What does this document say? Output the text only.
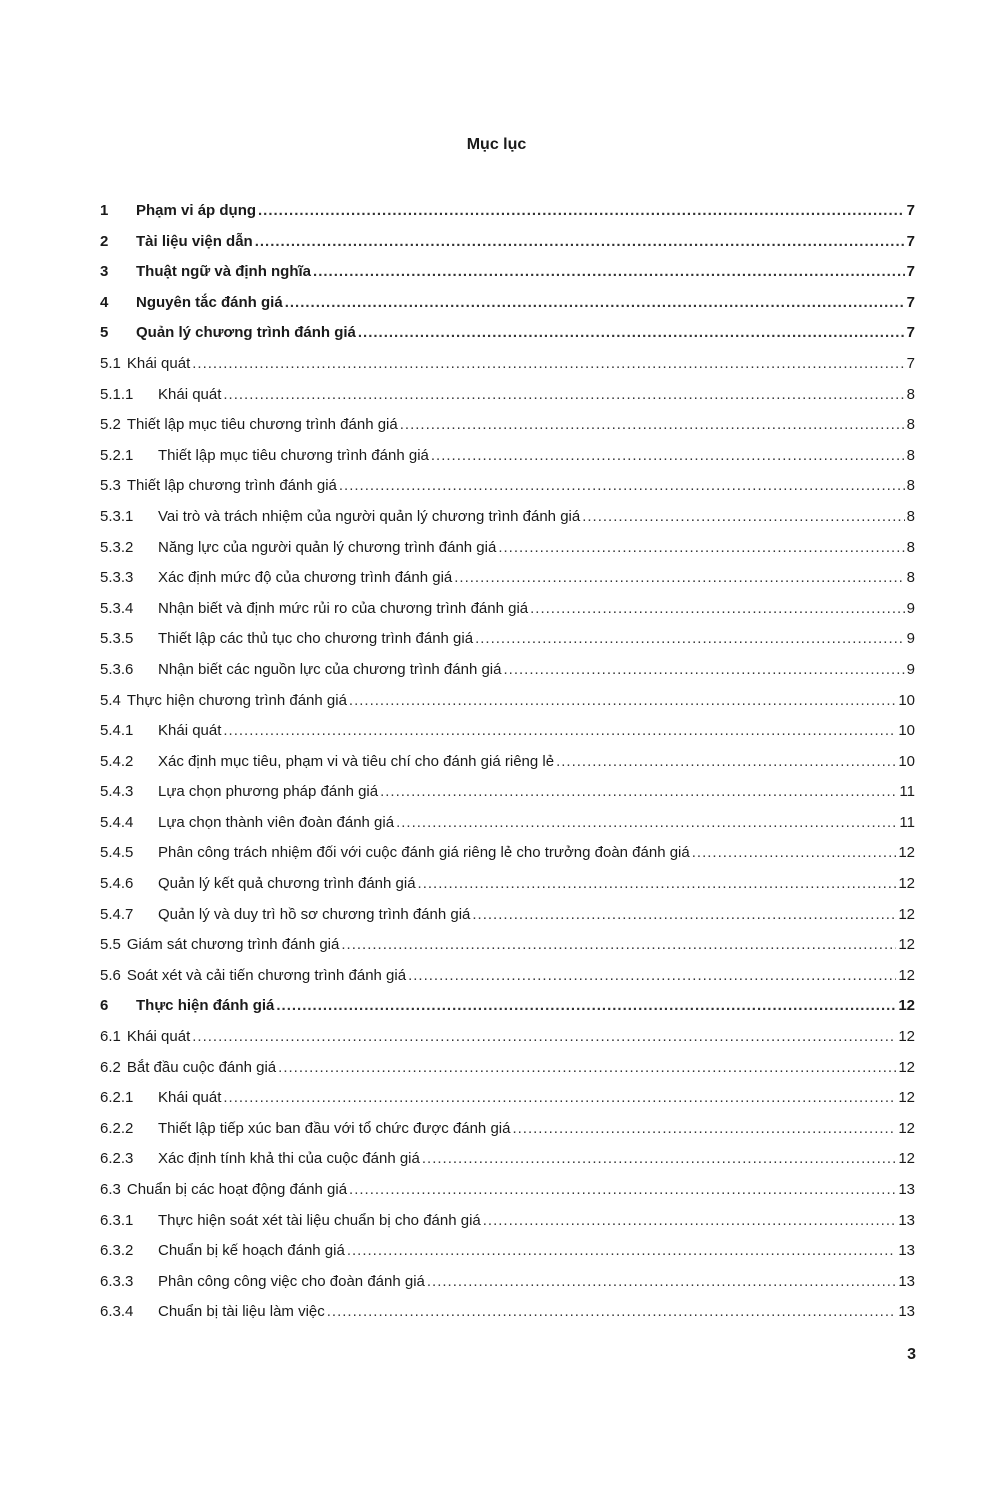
Mục lục
1	Phạm vi áp dụng .....	7
2	Tài liệu viện dẫn .....	7
3	Thuật ngữ và định nghĩa .....	7
4	Nguyên tắc đánh giá .....	7
5	Quản lý chương trình đánh giá .....	7
5.1 Khái quát .....	7
5.1.1	Khái quát .....	8
5.2 Thiết lập mục tiêu chương trình đánh giá .....	8
5.2.1	Thiết lập mục tiêu chương trình đánh giá .....	8
5.3 Thiết lập chương trình đánh giá .....	8
5.3.1	Vai trò và trách nhiệm của người quản lý chương trình đánh giá .....	8
5.3.2	Năng lực của người quản lý chương trình đánh giá .....	8
5.3.3	Xác định mức độ của chương trình đánh giá .....	8
5.3.4	Nhận biết và định mức rủi ro của chương trình đánh giá .....	9
5.3.5	Thiết lập các thủ tục cho chương trình đánh giá .....	9
5.3.6	Nhận biết các nguồn lực của chương trình đánh giá .....	9
5.4 Thực hiện chương trình đánh giá .....	10
5.4.1	Khái quát .....	10
5.4.2	Xác định mục tiêu, phạm vi và tiêu chí cho đánh giá riêng lẻ .....	10
5.4.3	Lựa chọn phương pháp đánh giá .....	11
5.4.4	Lựa chọn thành viên đoàn đánh giá .....	11
5.4.5	Phân công trách nhiệm đối với cuộc đánh giá riêng lẻ cho trưởng đoàn đánh giá .....	12
5.4.6	Quản lý kết quả chương trình đánh giá .....	12
5.4.7	Quản lý và duy trì hồ sơ chương trình đánh giá .....	12
5.5 Giám sát chương trình đánh giá .....	12
5.6 Soát xét và cải tiến chương trình đánh giá .....	12
6	Thực hiện đánh giá .....	12
6.1 Khái quát .....	12
6.2 Bắt đầu cuộc đánh giá .....	12
6.2.1	Khái quát .....	12
6.2.2	Thiết lập tiếp xúc ban đầu với tổ chức được đánh giá .....	12
6.2.3	Xác định tính khả thi của cuộc đánh giá .....	12
6.3 Chuẩn bị các hoạt động đánh giá .....	13
6.3.1	Thực hiện soát xét tài liệu chuẩn bị cho đánh giá .....	13
6.3.2	Chuẩn bị kế hoạch đánh giá .....	13
6.3.3	Phân công công việc cho đoàn đánh giá .....	13
6.3.4	Chuẩn bị tài liệu làm việc .....	13
3
